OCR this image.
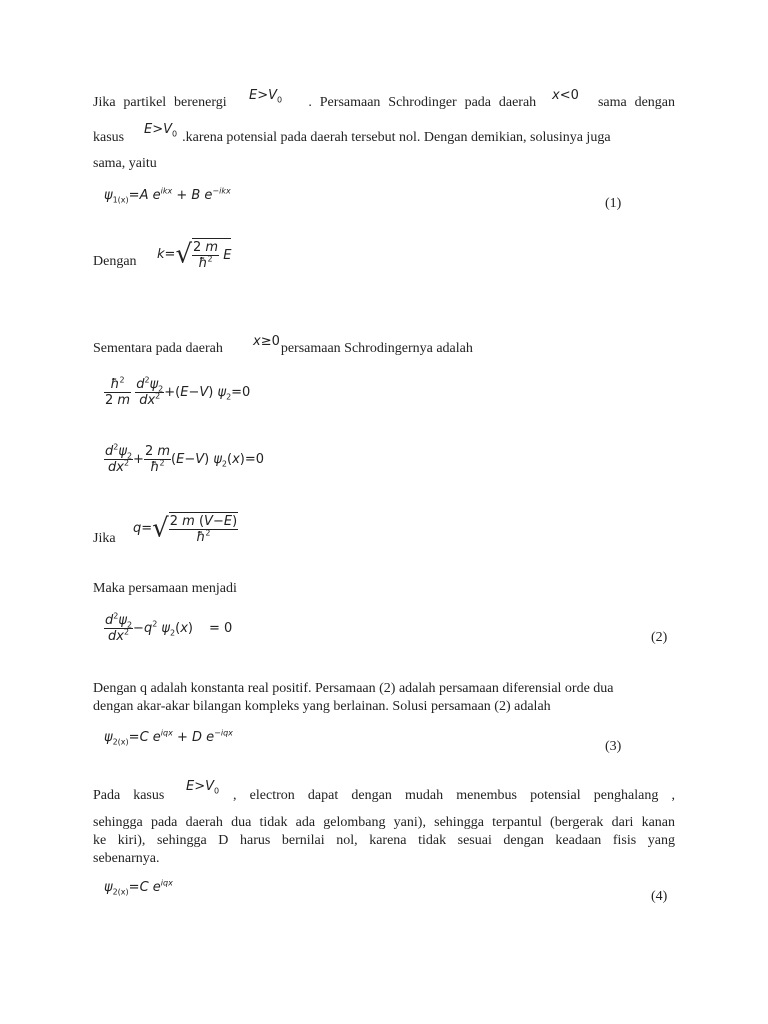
Jika partikel berenergi	. Persamaan Schrodinger pada daerah	sama dengan
$E>V_0$	x<0
kasus	.karena potensial pada daerah tersebut nol. Dengan demikian, solusinya juga
$E>V_0$
sama, yaitu
$\psi_{1(x)}=A$ $e^{ikx} + B$ $e^{-ikx}$
(1)
Dengan $k=√ \frac{2 m}{ħ^2}$ E
Sementara pada daerah	persamaan Schrodingernya adalah
x≥0
$\frac{ħ^2}{2 m}$
$\frac{d^2\psi_2}{dx^2} +(E-V)$ $\psi_2=0$
$\frac{d^2\psi_2}{dx^2} + \frac{2 m}{ħ^2} (E-V)$ $\psi_2(x)=0$
Jika
$q=√ \frac{2 m (V-E)}{ħ^2}$
Maka persamaan menjadi
$\frac{d^2\psi_2}{dx^2} -q^2$ $\psi_2(x) = 0$
(2)
Dengan q adalah konstanta real positif. Persamaan (2) adalah persamaan diferensial orde dua
dengan akar-akar bilangan kompleks yang berlainan. Solusi persamaan (2) adalah
$\psi_{2(x)}=C$ $e^{iqx} + D$ $e^{-iqx}$
(3)
Pada kasus
$E>V_0$ , electron dapat dengan mudah menembus potensial penghalang ,
sehingga pada daerah dua tidak ada gelombang yani), sehingga terpantul (bergerak dari kanan
ke kiri), sehingga D harus bernilai nol, karena tidak sesuai dengan keadaan fisis yang
sebenarnya.
$\psi_{2(x)}=C$ $e^{iqx}$
(4)
